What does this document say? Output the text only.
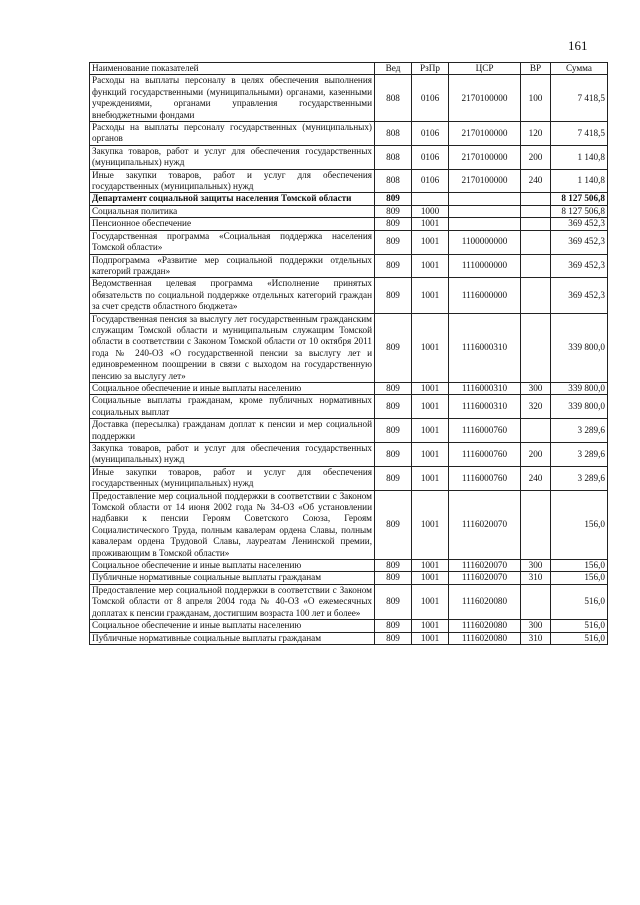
161
Наименование показателей	Вед	РзПр	ЦСР	ВР	Сумма
Расходы на выплаты персоналу в целях обеспечения выполнения функций государственными (муниципальными) органами, казенными учреждениями, органами управления государственными внебюджетными фондами	808	0106	2170100000	100	7 418,5
Расходы на выплаты персоналу государственных (муниципальных) органов	808	0106	2170100000	120	7 418,5
Закупка товаров, работ и услуг для обеспечения государственных (муниципальных) нужд	808	0106	2170100000	200	1 140,8
Иные закупки товаров, работ и услуг для обеспечения государственных (муниципальных) нужд	808	0106	2170100000	240	1 140,8
Департамент социальной защиты населения Томской области	809				8 127 506,8
Социальная политика	809	1000			8 127 506,8
Пенсионное обеспечение	809	1001			369 452,3
Государственная программа «Социальная поддержка населения Томской области»	809	1001	1100000000		369 452,3
Подпрограмма «Развитие мер социальной поддержки отдельных категорий граждан»	809	1001	1110000000		369 452,3
Ведомственная целевая программа «Исполнение принятых обязательств по социальной поддержке отдельных категорий граждан за счет средств областного бюджета»	809	1001	1116000000		369 452,3
Государственная пенсия за выслугу лет государственным гражданским служащим Томской области и муниципальным служащим Томской области в соответствии с Законом Томской области от 10 октября 2011 года № 240-ОЗ «О государственной пенсии за выслугу лет и единовременном поощрении в связи с выходом на государственную пенсию за выслугу лет»	809	1001	1116000310		339 800,0
Социальное обеспечение и иные выплаты населению	809	1001	1116000310	300	339 800,0
Социальные выплаты гражданам, кроме публичных нормативных социальных выплат	809	1001	1116000310	320	339 800,0
Доставка (пересылка) гражданам доплат к пенсии и мер социальной поддержки	809	1001	1116000760		3 289,6
Закупка товаров, работ и услуг для обеспечения государственных (муниципальных) нужд	809	1001	1116000760	200	3 289,6
Иные закупки товаров, работ и услуг для обеспечения государственных (муниципальных) нужд	809	1001	1116000760	240	3 289,6
Предоставление мер социальной поддержки в соответствии с Законом Томской области от 14 июня 2002 года № 34-ОЗ «Об установлении надбавки к пенсии Героям Советского Союза, Героям Социалистического Труда, полным кавалерам ордена Славы, полным кавалерам ордена Трудовой Славы, лауреатам Ленинской премии, проживающим в Томской области»	809	1001	1116020070		156,0
Социальное обеспечение и иные выплаты населению	809	1001	1116020070	300	156,0
Публичные нормативные социальные выплаты гражданам	809	1001	1116020070	310	156,0
Предоставление мер социальной поддержки в соответствии с Законом Томской области от 8 апреля 2004 года № 40-ОЗ «О ежемесячных доплатах к пенсии гражданам, достигшим возраста 100 лет и более»	809	1001	1116020080		516,0
Социальное обеспечение и иные выплаты населению	809	1001	1116020080	300	516,0
Публичные нормативные социальные выплаты гражданам	809	1001	1116020080	310	516,0
